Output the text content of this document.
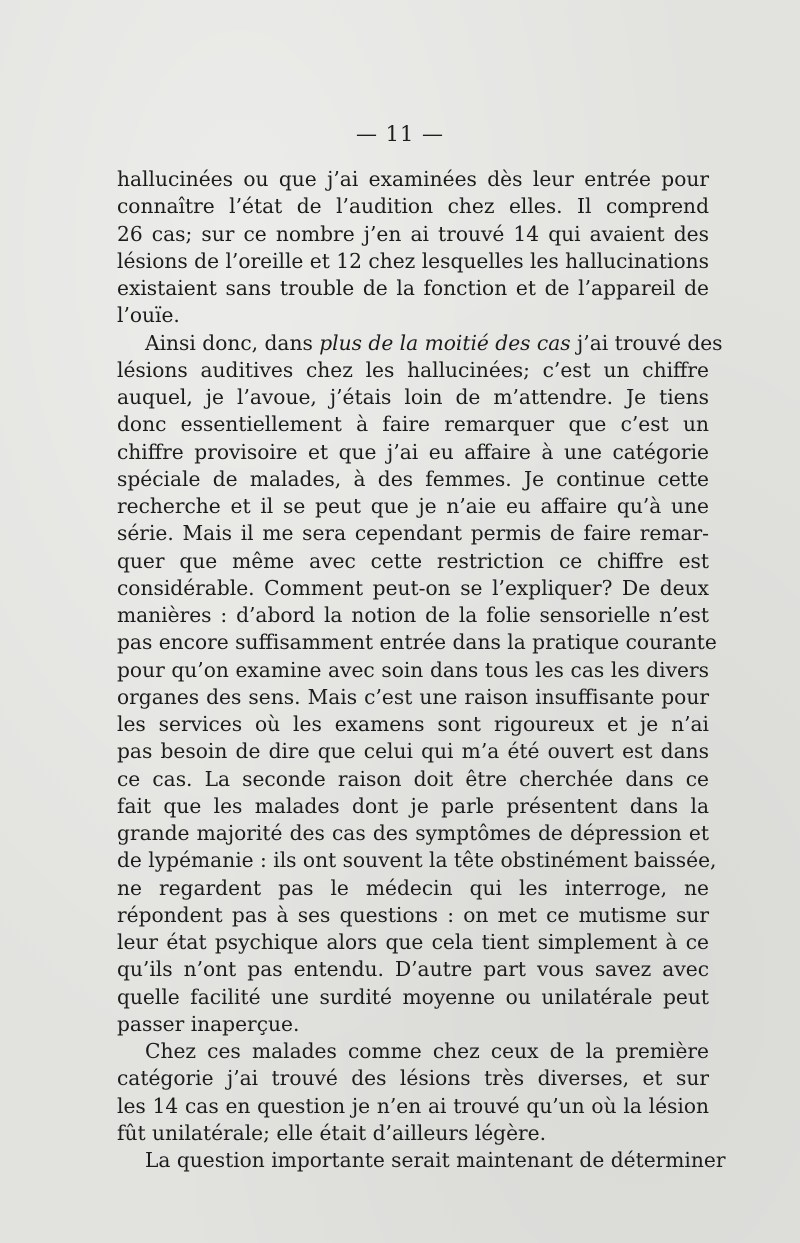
— 11 —
hallucinées ou que j’ai examinées dès leur entrée pour
connaître l’état de l’audition chez elles. Il comprend
26 cas; sur ce nombre j’en ai trouvé 14 qui avaient des
lésions de l’oreille et 12 chez lesquelles les hallucinations
existaient sans trouble de la fonction et de l’appareil de
l’ouïe.
Ainsi donc, dans plus de la moitié des cas j’ai trouvé des
lésions auditives chez les hallucinées; c’est un chiffre
auquel, je l’avoue, j’étais loin de m’attendre. Je tiens
donc essentiellement à faire remarquer que c’est un
chiffre provisoire et que j’ai eu affaire à une catégorie
spéciale de malades, à des femmes. Je continue cette
recherche et il se peut que je n’aie eu affaire qu’à une
série. Mais il me sera cependant permis de faire remar-
quer que même avec cette restriction ce chiffre est
considérable. Comment peut-on se l’expliquer? De deux
manières : d’abord la notion de la folie sensorielle n’est
pas encore suffisamment entrée dans la pratique courante
pour qu’on examine avec soin dans tous les cas les divers
organes des sens. Mais c’est une raison insuffisante pour
les services où les examens sont rigoureux et je n’ai
pas besoin de dire que celui qui m’a été ouvert est dans
ce cas. La seconde raison doit être cherchée dans ce
fait que les malades dont je parle présentent dans la
grande majorité des cas des symptômes de dépression et
de lypémanie : ils ont souvent la tête obstinément baissée,
ne regardent pas le médecin qui les interroge, ne
répondent pas à ses questions : on met ce mutisme sur
leur état psychique alors que cela tient simplement à ce
qu’ils n’ont pas entendu. D’autre part vous savez avec
quelle facilité une surdité moyenne ou unilatérale peut
passer inaperçue.
Chez ces malades comme chez ceux de la première
catégorie j’ai trouvé des lésions très diverses, et sur
les 14 cas en question je n’en ai trouvé qu’un où la lésion
fût unilatérale; elle était d’ailleurs légère.
La question importante serait maintenant de déterminer
